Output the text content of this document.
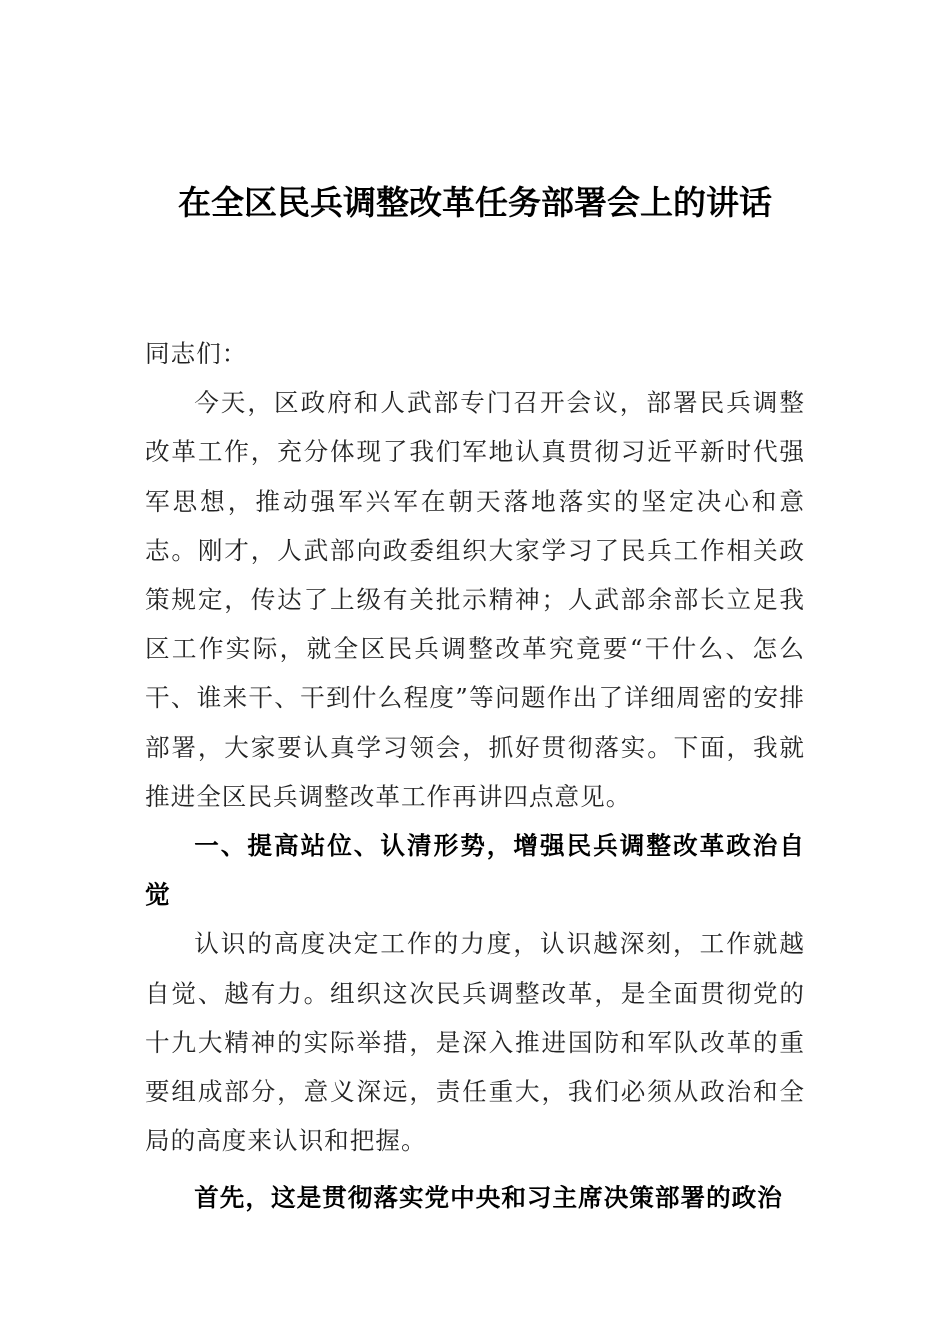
在全区民兵调整改革任务部署会上的讲话

同志们：

今天，区政府和人武部专门召开会议，部署民兵调整改革工作，充分体现了我们军地认真贯彻习近平新时代强军思想，推动强军兴军在朝天落地落实的坚定决心和意志。刚才，人武部向政委组织大家学习了民兵工作相关政策规定，传达了上级有关批示精神；人武部余部长立足我区工作实际，就全区民兵调整改革究竟要“干什么、怎么干、谁来干、干到什么程度”等问题作出了详细周密的安排部署，大家要认真学习领会，抓好贯彻落实。下面，我就推进全区民兵调整改革工作再讲四点意见。

一、提高站位、认清形势，增强民兵调整改革政治自觉

认识的高度决定工作的力度，认识越深刻，工作就越自觉、越有力。组织这次民兵调整改革，是全面贯彻党的十九大精神的实际举措，是深入推进国防和军队改革的重要组成部分，意义深远，责任重大，我们必须从政治和全局的高度来认识和把握。

首先，这是贯彻落实党中央和习主席决策部署的政治
